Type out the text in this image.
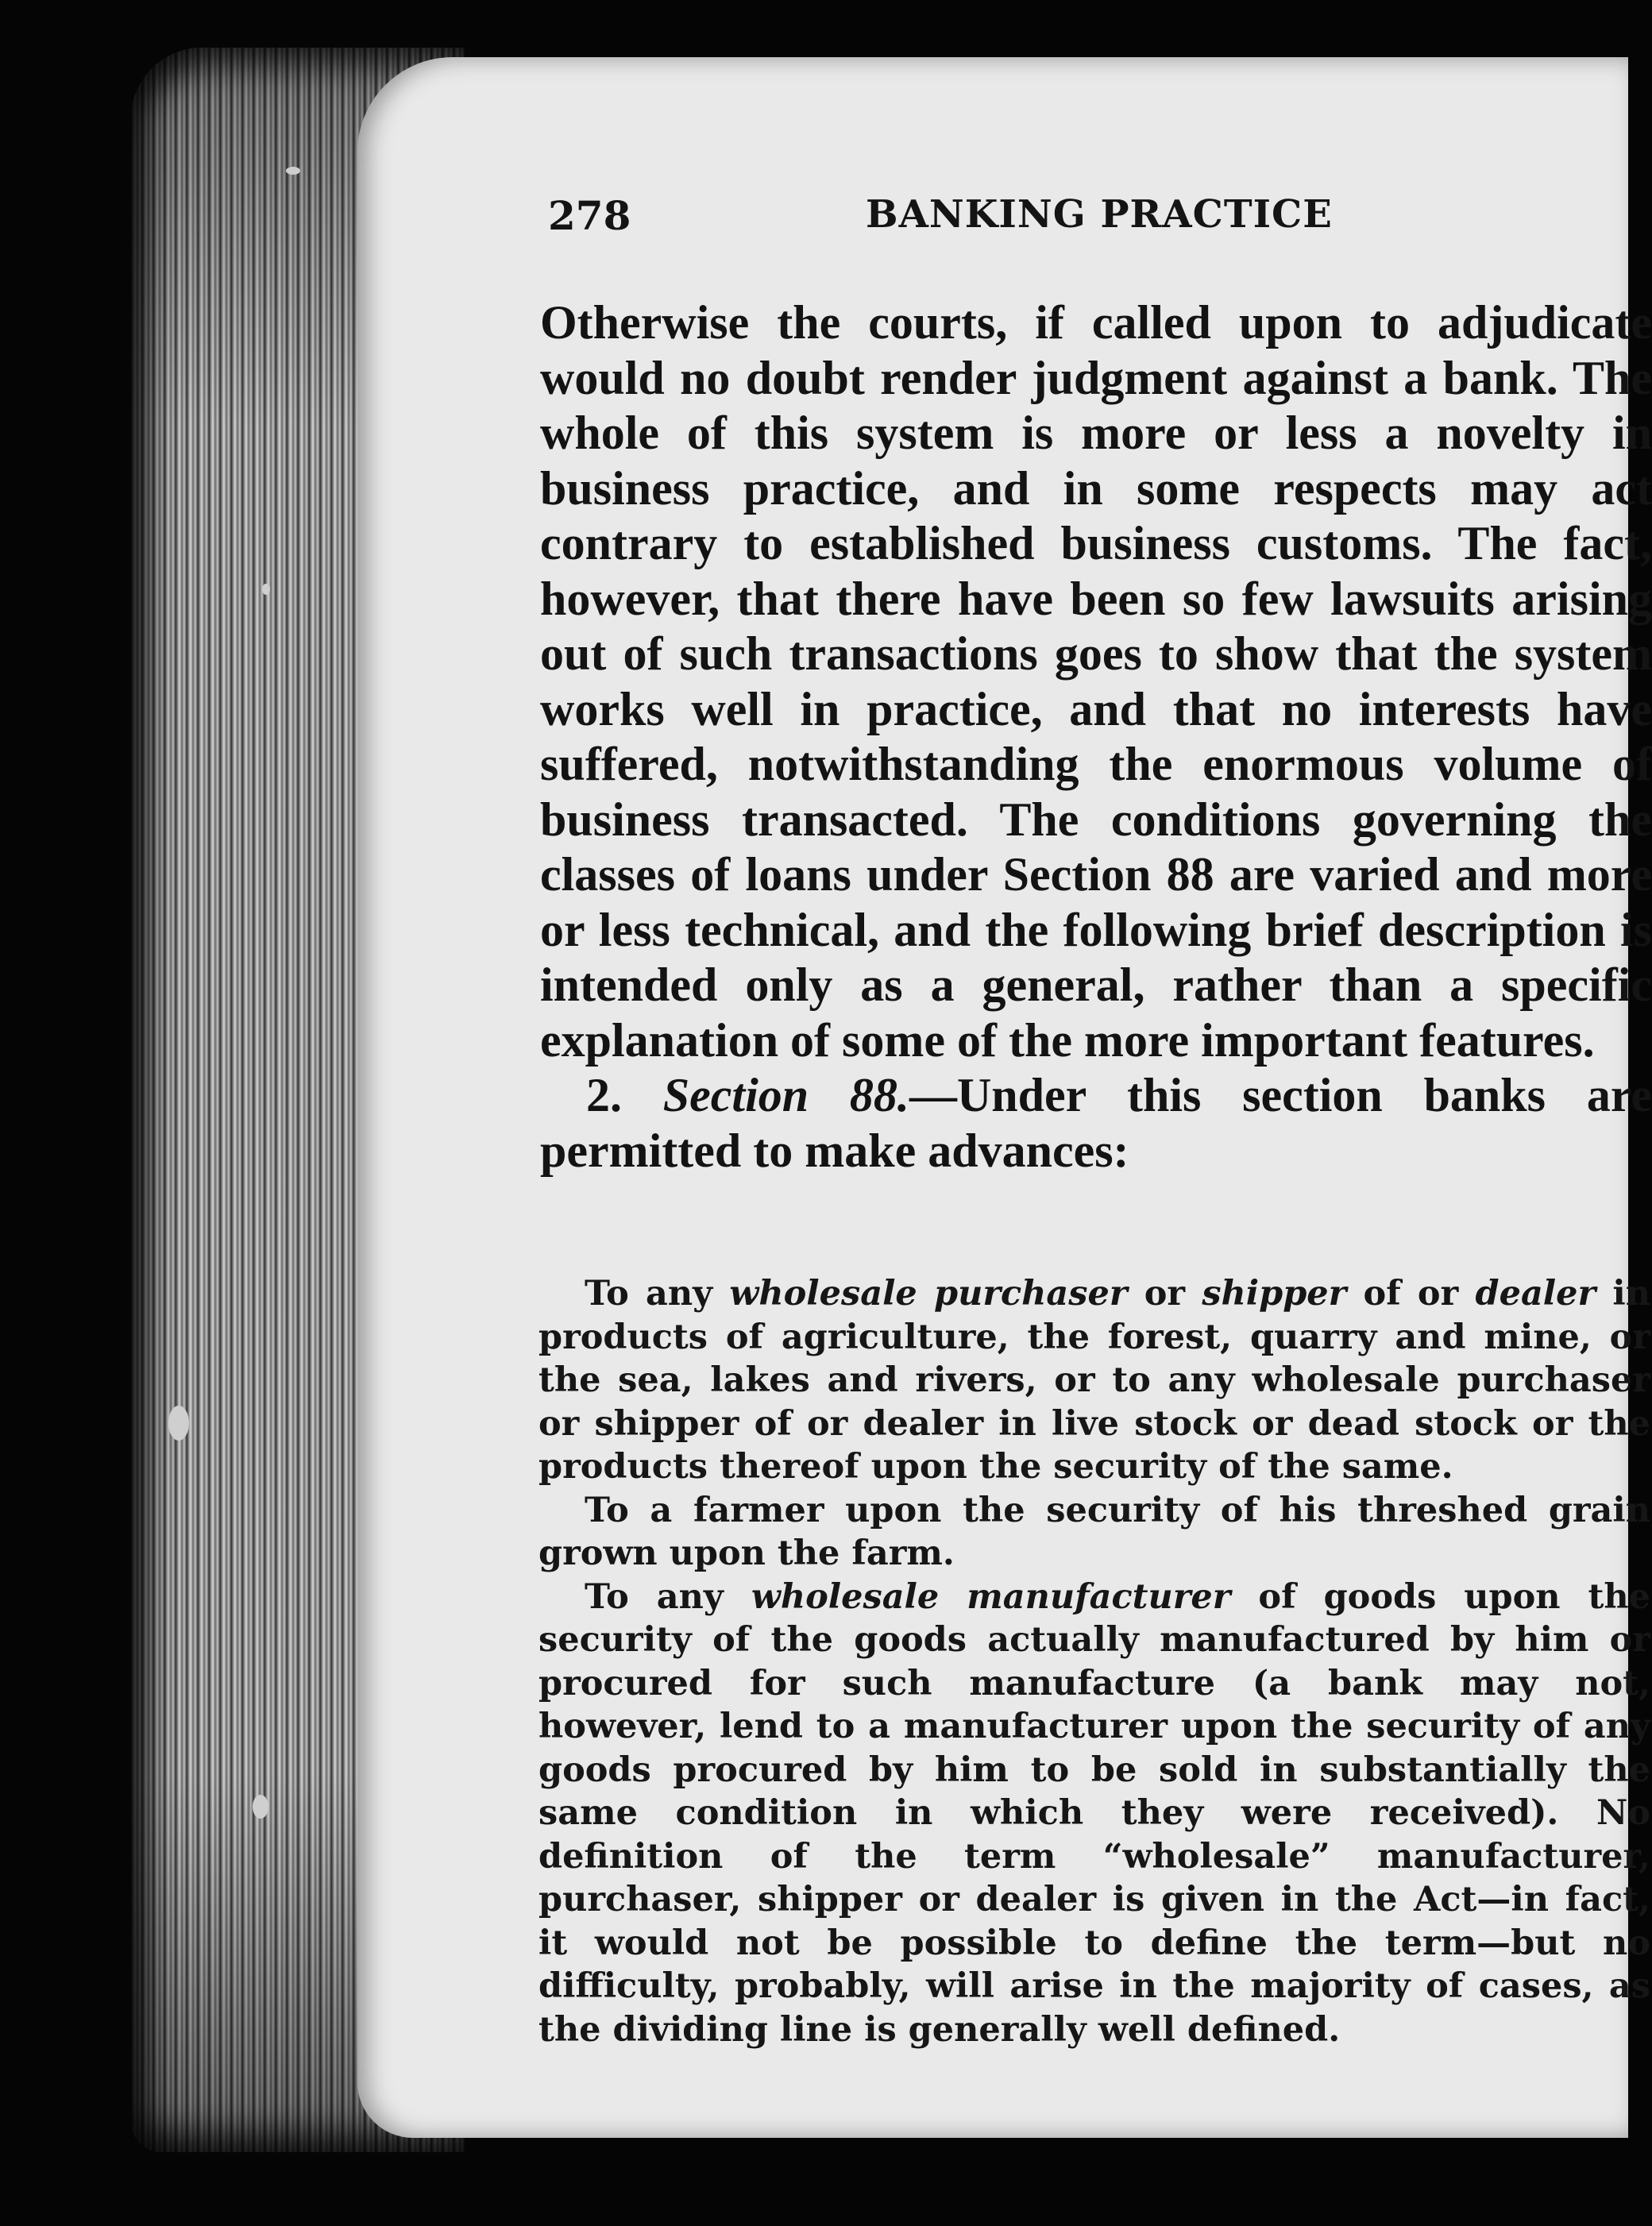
278	BANKING PRACTICE

Otherwise the courts, if called upon to adjudicate would no doubt render judgment against a bank. The whole of this system is more or less a novelty in business practice, and in some respects may act contrary to established business customs. The fact, however, that there have been so few lawsuits arising out of such transactions goes to show that the system works well in practice, and that no interests have suffered, notwithstanding the enormous volume of business transacted. The conditions governing the classes of loans under Section 88 are varied and more or less technical, and the following brief description is intended only as a general, rather than a specific explanation of some of the more important features.

2. Section 88.—Under this section banks are permitted to make advances:

To any wholesale purchaser or shipper of or dealer in products of agriculture, the forest, quarry and mine, or the sea, lakes and rivers, or to any wholesale purchaser or shipper of or dealer in live stock or dead stock or the products thereof upon the security of the same.

To a farmer upon the security of his threshed grain grown upon the farm.

To any wholesale manufacturer of goods upon the security of the goods actually manufactured by him or procured for such manufacture (a bank may not, however, lend to a manufacturer upon the security of any goods procured by him to be sold in substantially the same condition in which they were received). No definition of the term “wholesale” manufacturer, purchaser, shipper or dealer is given in the Act—in fact, it would not be possible to define the term—but no difficulty, probably, will arise in the majority of cases, as the dividing line is generally well defined.
